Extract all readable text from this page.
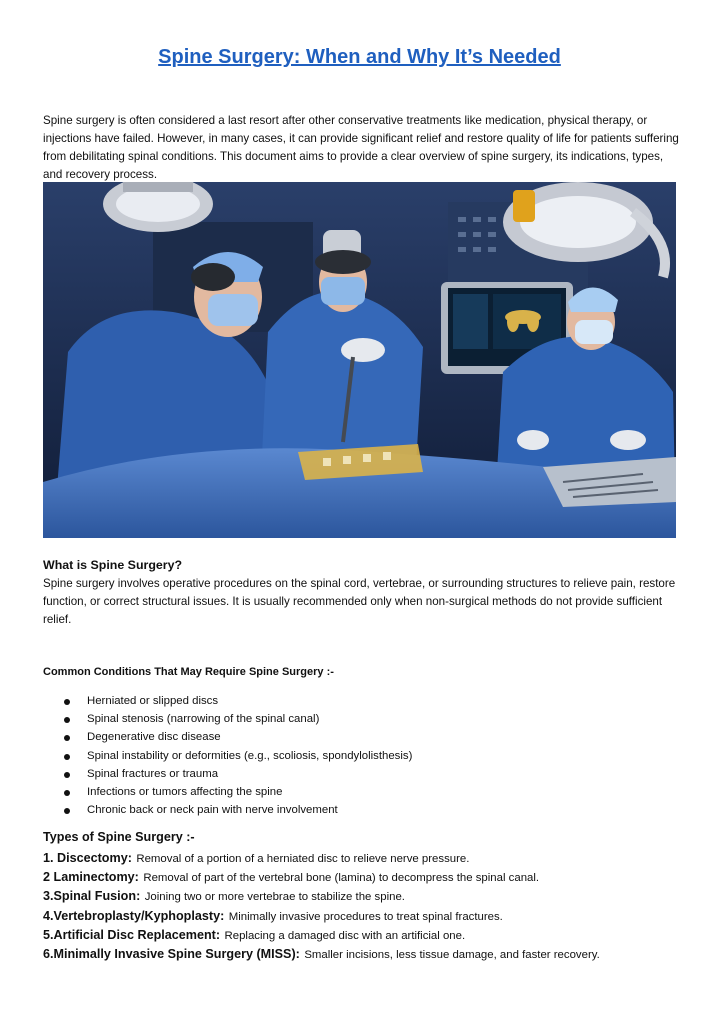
Spine Surgery: When and Why It’s Needed

Spine surgery is often considered a last resort after other conservative treatments like medication, physical therapy, or injections have failed. However, in many cases, it can provide significant relief and restore quality of life for patients suffering from debilitating spinal conditions. This document aims to provide a clear overview of spine surgery, its indications, types, and recovery process.

What is Spine Surgery?

Spine surgery involves operative procedures on the spinal cord, vertebrae, or surrounding structures to relieve pain, restore function, or correct structural issues. It is usually recommended only when non-surgical methods do not provide sufficient relief.

Common Conditions That May Require Spine Surgery :-
Herniated or slipped discs
Spinal stenosis (narrowing of the spinal canal)
Degenerative disc disease
Spinal instability or deformities (e.g., scoliosis, spondylolisthesis)
Spinal fractures or trauma
Infections or tumors affecting the spine
Chronic back or neck pain with nerve involvement
Types of Spine Surgery :-
1. Discectomy: Removal of a portion of a herniated disc to relieve nerve pressure.
2 Laminectomy: Removal of part of the vertebral bone (lamina) to decompress the spinal canal.
3.Spinal Fusion: Joining two or more vertebrae to stabilize the spine.
4.Vertebroplasty/Kyphoplasty: Minimally invasive procedures to treat spinal fractures.
5.Artificial Disc Replacement: Replacing a damaged disc with an artificial one.
6.Minimally Invasive Spine Surgery (MISS): Smaller incisions, less tissue damage, and faster recovery.
